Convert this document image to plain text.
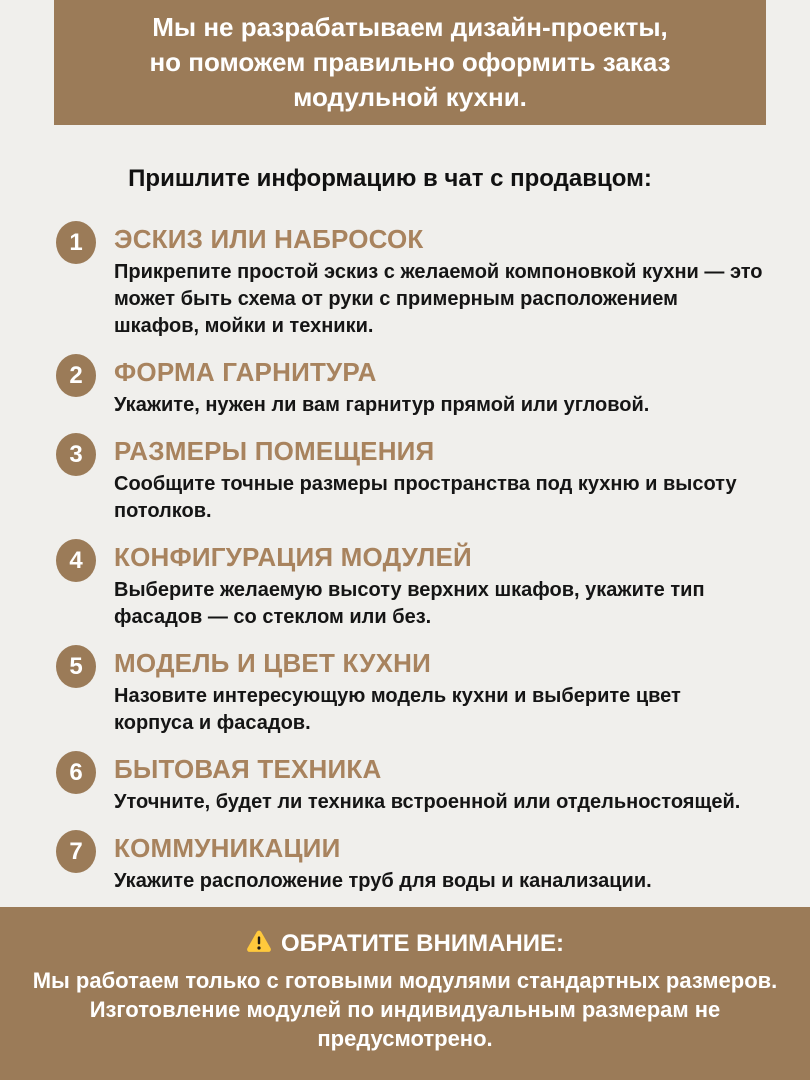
Мы не разрабатываем дизайн-проекты,
но поможем правильно оформить заказ
модульной кухни.
Пришлите информацию в чат с продавцом:
1	ЭСКИЗ ИЛИ НАБРОСОК
Прикрепите простой эскиз с желаемой компоновкой кухни — это может быть схема от руки с примерным расположением шкафов, мойки и техники.
2	ФОРМА ГАРНИТУРА
Укажите, нужен ли вам гарнитур прямой или угловой.
3	РАЗМЕРЫ ПОМЕЩЕНИЯ
Сообщите точные размеры пространства под кухню и высоту потолков.
4	КОНФИГУРАЦИЯ МОДУЛЕЙ
Выберите желаемую высоту верхних шкафов, укажите тип фасадов — со стеклом или без.
5	МОДЕЛЬ И ЦВЕТ КУХНИ
Назовите интересующую модель кухни и выберите цвет корпуса и фасадов.
6	БЫТОВАЯ ТЕХНИКА
Уточните, будет ли техника встроенной или отдельностоящей.
7	КОММУНИКАЦИИ
Укажите расположение труб для воды и канализации.
ОБРАТИТЕ ВНИМАНИЕ:
Мы работаем только с готовыми модулями стандартных размеров.
Изготовление модулей по индивидуальным размерам не
предусмотрено.
